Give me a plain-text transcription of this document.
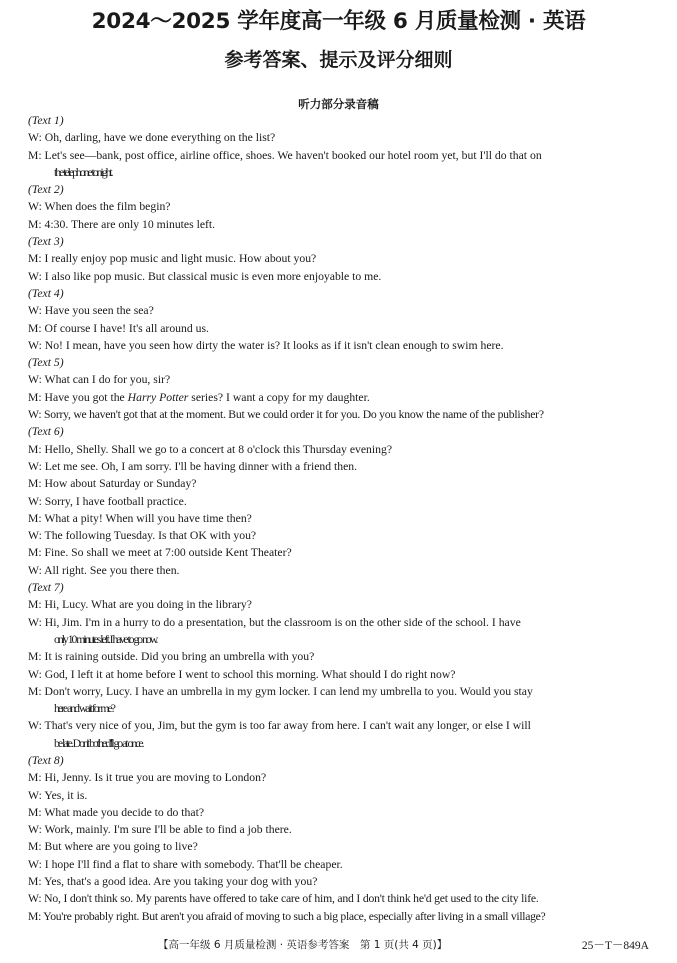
2024～2025 学年度高一年级 6 月质量检测 · 英语
参考答案、提示及评分细则
听力部分录音稿
(Text 1)
W: Oh, darling, have we done everything on the list?
M: Let's see—bank, post office, airline office, shoes. We haven't booked our hotel room yet, but I'll do that on
the telephone tonight.
(Text 2)
W: When does the film begin?
M: 4:30. There are only 10 minutes left.
(Text 3)
M: I really enjoy pop music and light music. How about you?
W: I also like pop music. But classical music is even more enjoyable to me.
(Text 4)
W: Have you seen the sea?
M: Of course I have! It's all around us.
W: No! I mean, have you seen how dirty the water is? It looks as if it isn't clean enough to swim here.
(Text 5)
W: What can I do for you, sir?
M: Have you got the Harry Potter series? I want a copy for my daughter.
W: Sorry, we haven't got that at the moment. But we could order it for you. Do you know the name of the publisher?
(Text 6)
M: Hello, Shelly. Shall we go to a concert at 8 o'clock this Thursday evening?
W: Let me see. Oh, I am sorry. I'll be having dinner with a friend then.
M: How about Saturday or Sunday?
W: Sorry, I have football practice.
M: What a pity! When will you have time then?
W: The following Tuesday. Is that OK with you?
M: Fine. So shall we meet at 7:00 outside Kent Theater?
W: All right. See you there then.
(Text 7)
M: Hi, Lucy. What are you doing in the library?
W: Hi, Jim. I'm in a hurry to do a presentation, but the classroom is on the other side of the school. I have
only 10 minutes left. I have to go now.
M: It is raining outside. Did you bring an umbrella with you?
W: God, I left it at home before I went to school this morning. What should I do right now?
M: Don't worry, Lucy. I have an umbrella in my gym locker. I can lend my umbrella to you. Would you stay
here and wait for me?
W: That's very nice of you, Jim, but the gym is too far away from here. I can't wait any longer, or else I will
be late. Don't bother. I'll go at once.
(Text 8)
M: Hi, Jenny. Is it true you are moving to London?
W: Yes, it is.
M: What made you decide to do that?
W: Work, mainly. I'm sure I'll be able to find a job there.
M: But where are you going to live?
W: I hope I'll find a flat to share with somebody. That'll be cheaper.
M: Yes, that's a good idea. Are you taking your dog with you?
W: No, I don't think so. My parents have offered to take care of him, and I don't think he'd get used to the city life.
M: You're probably right. But aren't you afraid of moving to such a big place, especially after living in a small village?
【高一年级 6 月质量检测 · 英语参考答案　第 1 页(共 4 页)】	25－T－849A
